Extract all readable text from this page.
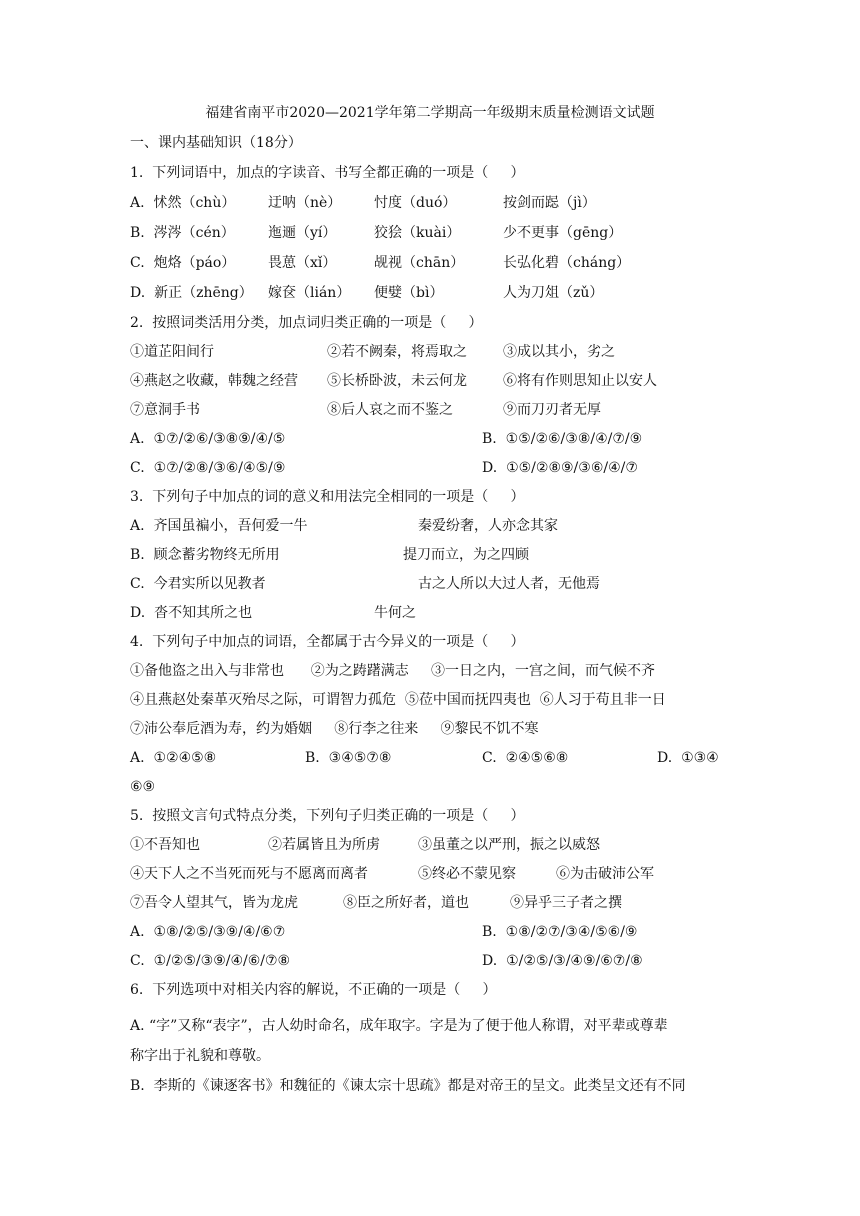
福建省南平市2020—2021学年第二学期高一年级期末质量检测语文试题
一、课内基础知识（18分）
1.  下列词语中，加点的字读音、书写全都正确的一项是（     ）
A.  怵然（chù） 迂呐（nè） 忖度（duó）	按剑而跽（jì）
B.  涔涔（cén） 迤逦（yí）	狡狯（kuài）	少不更事（gēng）
C.  炮烙（páo） 畏葸（xǐ）	觇视（chān）	长弘化碧（cháng）
D.  新正（zhēng） 嫁奁（lián） 便嬖（bì）	人为刀俎（zǔ）
2.  按照词类活用分类，加点词归类正确的一项是（     ）
①道芷阳间行	②若不阙秦，将焉取之	③成以其小，劣之
④燕赵之收藏，韩魏之经营 ⑤长桥卧波，未云何龙	⑥将有作则思知止以安人
⑦意洞手书	⑧后人哀之而不鉴之	⑨而刀刃者无厚
A.  ①⑦/②⑥/③⑧⑨/④/⑤	B.  ①⑤/②⑥/③⑧/④/⑦/⑨
C.  ①⑦/②⑧/③⑥/④⑤/⑨	D.  ①⑤/②⑧⑨/③⑥/④/⑦
3.  下列句子中加点的词的意义和用法完全相同的一项是（     ）
A.  齐国虽褊小，吾何爱一牛	秦爱纷奢，人亦念其家
B.  顾念蓄劣物终无所用	提刀而立，为之四顾
C.  今君实所以见教者	古之人所以大过人者，无他焉
D.  沓不知其所之也	牛何之
4.  下列句子中加点的词语，全都属于古今异义的一项是（     ）
①备他盗之出入与非常也      ②为之踌躇满志     ③一日之内，一宫之间，而气候不齐
④且燕赵处秦革灭殆尽之际，可谓智力孤危  ⑤莅中国而抚四夷也  ⑥人习于苟且非一日
⑦沛公奉卮酒为寿，约为婚姻     ⑧行李之往来     ⑨黎民不饥不寒
A.  ①②④⑤⑧	B.  ③④⑤⑦⑧	C.  ②④⑤⑥⑧	D.  ①③④
⑥⑨
5.  按照文言句式特点分类，下列句子归类正确的一项是（     ）
①不吾知也	②若属皆且为所虏	③虽董之以严刑，振之以威怒
④天下人之不当死而死与不愿离而离者	⑤终必不蒙见察	⑥为击破沛公军
⑦吾令人望其气，皆为龙虎	⑧臣之所好者，道也	⑨异乎三子者之撰
A.  ①⑧/②⑤/③⑨/④/⑥⑦	B.  ①⑧/②⑦/③④/⑤⑥/⑨
C.  ①/②⑤/③⑨/④/⑥/⑦⑧	D.  ①/②⑤/③/④⑨/⑥⑦/⑧
6.  下列选项中对相关内容的解说，不正确的一项是（     ）
A. “字”又称“表字”，古人幼时命名，成年取字。字是为了便于他人称谓，对平辈或尊辈
称字出于礼貌和尊敬。
B.  李斯的《谏逐客书》和魏征的《谏太宗十思疏》都是对帝王的呈文。此类呈文还有不同
